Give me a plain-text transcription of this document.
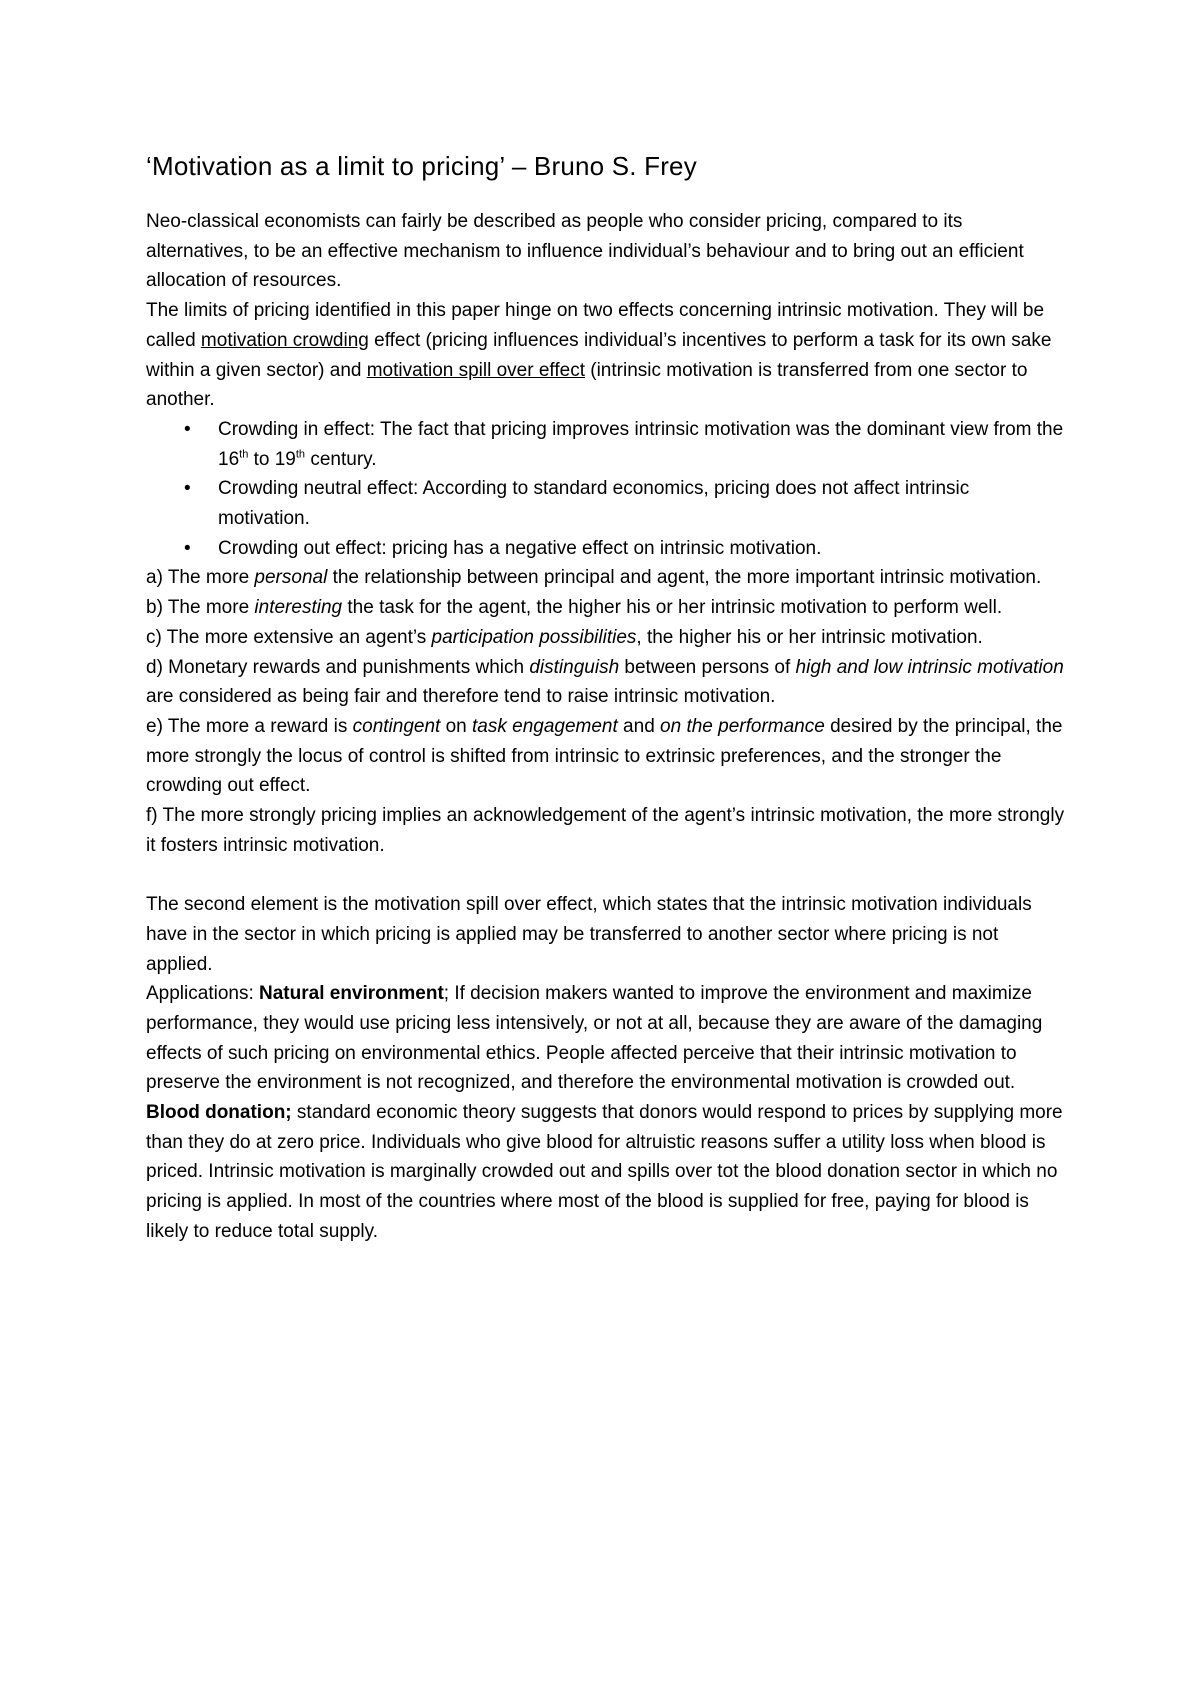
‘Motivation as a limit to pricing’ – Bruno S. Frey

Neo-classical economists can fairly be described as people who consider pricing, compared to its alternatives, to be an effective mechanism to influence individual’s behaviour and to bring out an efficient allocation of resources.

The limits of pricing identified in this paper hinge on two effects concerning intrinsic motivation. They will be called motivation crowding effect (pricing influences individual’s incentives to perform a task for its own sake within a given sector) and motivation spill over effect (intrinsic motivation is transferred from one sector to another.

• Crowding in effect: The fact that pricing improves intrinsic motivation was the dominant view from the 16th to 19th century.
• Crowding neutral effect: According to standard economics, pricing does not affect intrinsic motivation.
• Crowding out effect: pricing has a negative effect on intrinsic motivation.

a) The more personal the relationship between principal and agent, the more important intrinsic motivation.

b) The more interesting the task for the agent, the higher his or her intrinsic motivation to perform well.

c) The more extensive an agent’s participation possibilities, the higher his or her intrinsic motivation.

d) Monetary rewards and punishments which distinguish between persons of high and low intrinsic motivation are considered as being fair and therefore tend to raise intrinsic motivation.

e) The more a reward is contingent on task engagement and on the performance desired by the principal, the more strongly the locus of control is shifted from intrinsic to extrinsic preferences, and the stronger the crowding out effect.

f) The more strongly pricing implies an acknowledgement of the agent’s intrinsic motivation, the more strongly it fosters intrinsic motivation.

The second element is the motivation spill over effect, which states that the intrinsic motivation individuals have in the sector in which pricing is applied may be transferred to another sector where pricing is not applied.

Applications: Natural environment; If decision makers wanted to improve the environment and maximize performance, they would use pricing less intensively, or not at all, because they are aware of the damaging effects of such pricing on environmental ethics. People affected perceive that their intrinsic motivation to preserve the environment is not recognized, and therefore the environmental motivation is crowded out.

Blood donation; standard economic theory suggests that donors would respond to prices by supplying more than they do at zero price. Individuals who give blood for altruistic reasons suffer a utility loss when blood is priced. Intrinsic motivation is marginally crowded out and spills over tot the blood donation sector in which no pricing is applied. In most of the countries where most of the blood is supplied for free, paying for blood is likely to reduce total supply.
